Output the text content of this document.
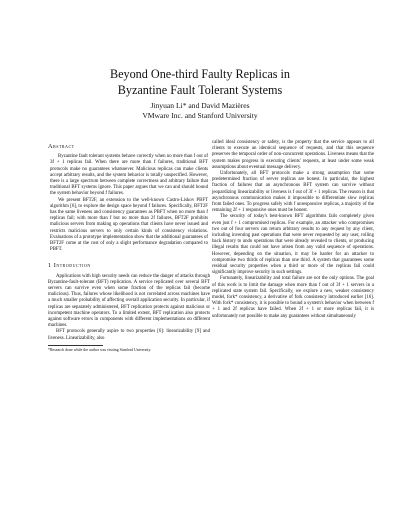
Beyond One-third Faulty Replicas in
Byzantine Fault Tolerant Systems
Jinyuan Li* and David Mazières
VMware Inc. and Stanford University
Abstract

Byzantine fault tolerant systems behave correctly when no more than f out of 3f + 1 replicas fail. When there are more than f failures, traditional BFT protocols make no guarantees whatsoever. Malicious replicas can make clients accept arbitrary results, and the system behavior is totally unspecified. However, there is a large spectrum between complete correctness and arbitrary failure that traditional BFT systems ignore. This paper argues that we can and should bound the system behavior beyond f failures.

We present BFT2F, an extension to the well-known Castro-Liskov PBFT algorithm [6], to explore the design space beyond f failures. Specifically, BFT2F has the same liveness and consistency guarantees as PBFT when no more than f replicas fail; with more than f but no more than 2f failures, BFT2F prohibits malicious servers from making up operations that clients have never issued and restricts malicious servers to only certain kinds of consistency violations. Evaluations of a prototype implementation show that the additional guarantees of BFT2F come at the cost of only a slight performance degradation compared to PBFT.

1 Introduction

Applications with high security needs can reduce the danger of attacks through Byzantine-fault-tolerant (BFT) replication. A service replicated over several BFT servers can survive even when some fraction of the replicas fail (become malicious). Thus, failures whose likelihood is not correlated across machines have a much smaller probability of affecting overall application security. In particular, if replicas are separately administered, BFT replication protects against malicious or incompetent machine operators. To a limited extent, BFT replication also protects against software errors in components with different implementations on different machines.

BFT protocols generally aspire to two properties [6]: linearizability [9] and liveness. Linearizability, also

*Research done while the author was visiting Stanford University.

called ideal consistency or safety, is the property that the service appears to all clients to execute an identical sequence of requests, and that this sequence preserves the temporal order of non-concurrent operations. Liveness means that the system makes progress in executing clients' requests, at least under some weak assumptions about eventual message delivery.

Unfortunately, all BFT protocols make a strong assumption that some predetermined fraction of server replicas are honest. In particular, the highest fraction of failures that an asynchronous BFT system can survive without jeopardizing linearizability or liveness is f out of 3f + 1 replicas. The reason is that asynchronous communication makes it impossible to differentiate slow replicas from failed ones. To progress safely with f unresponsive replicas, a majority of the remaining 2f + 1 responsive ones must be honest.

The security of today's best-known BFT algorithms fails completely given even just f + 1 compromised replicas. For example, an attacker who compromises two out of four servers can return arbitrary results to any request by any client, including inventing past operations that were never requested by any user, rolling back history to undo operations that were already revealed to clients, or producing illegal results that could not have arisen from any valid sequence of operations. However, depending on the situation, it may be harder for an attacker to compromise two thirds of replicas than one third. A system that guarantees some residual security properties when a third or more of the replicas fail could significantly improve security in such settings.

Fortunately, linearizability and total failure are not the only options. The goal of this work is to limit the damage when more than f out of 3f + 1 servers in a replicated state system fail. Specifically, we explore a new, weaker consistency model, fork* consistency, a derivative of fork consistency introduced earlier [16]. With fork* consistency, it is possible to bound a system's behavior when between f + 1 and 2f replicas have failed. When 2f + 1 or more replicas fail, it is unfortunately not possible to make any guarantees without simultaneously
